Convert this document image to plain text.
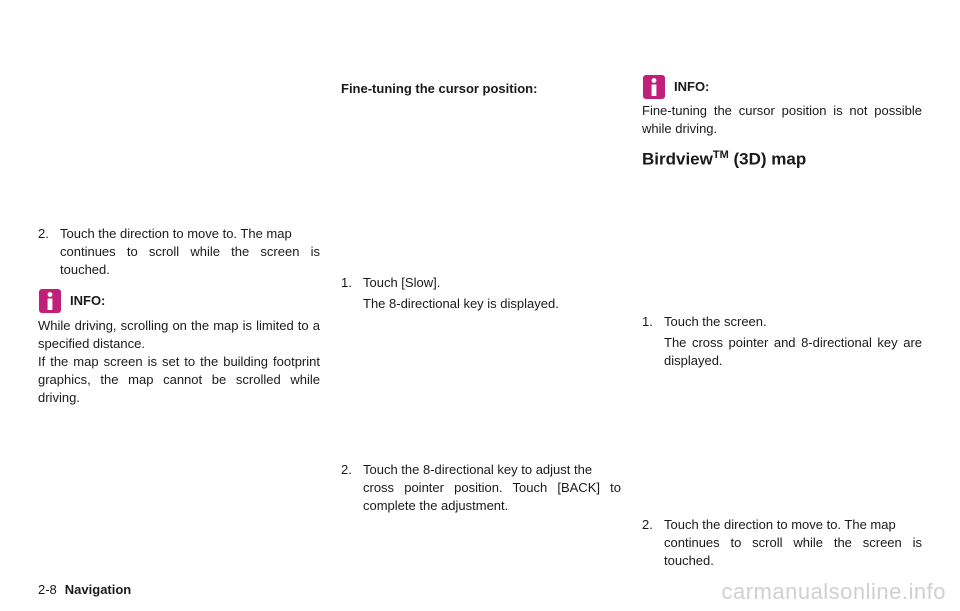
2. Touch the direction to move to. The map
continues to scroll while the screen is touched.
INFO:
While driving, scrolling on the map is limited to a specified distance.
If the map screen is set to the building footprint graphics, the map cannot be scrolled while driving.
Fine-tuning the cursor position:
1. Touch [Slow].
The 8-directional key is displayed.
2. Touch the 8-directional key to adjust the
cross pointer position. Touch [BACK] to complete the adjustment.
INFO:
Fine-tuning the cursor position is not possible while driving.
Birdview™ (3D) map
1. Touch the screen.
The cross pointer and 8-directional key are displayed.
2. Touch the direction to move to. The map
continues to scroll while the screen is touched.
2-8 Navigation	carmanualsonline.info
